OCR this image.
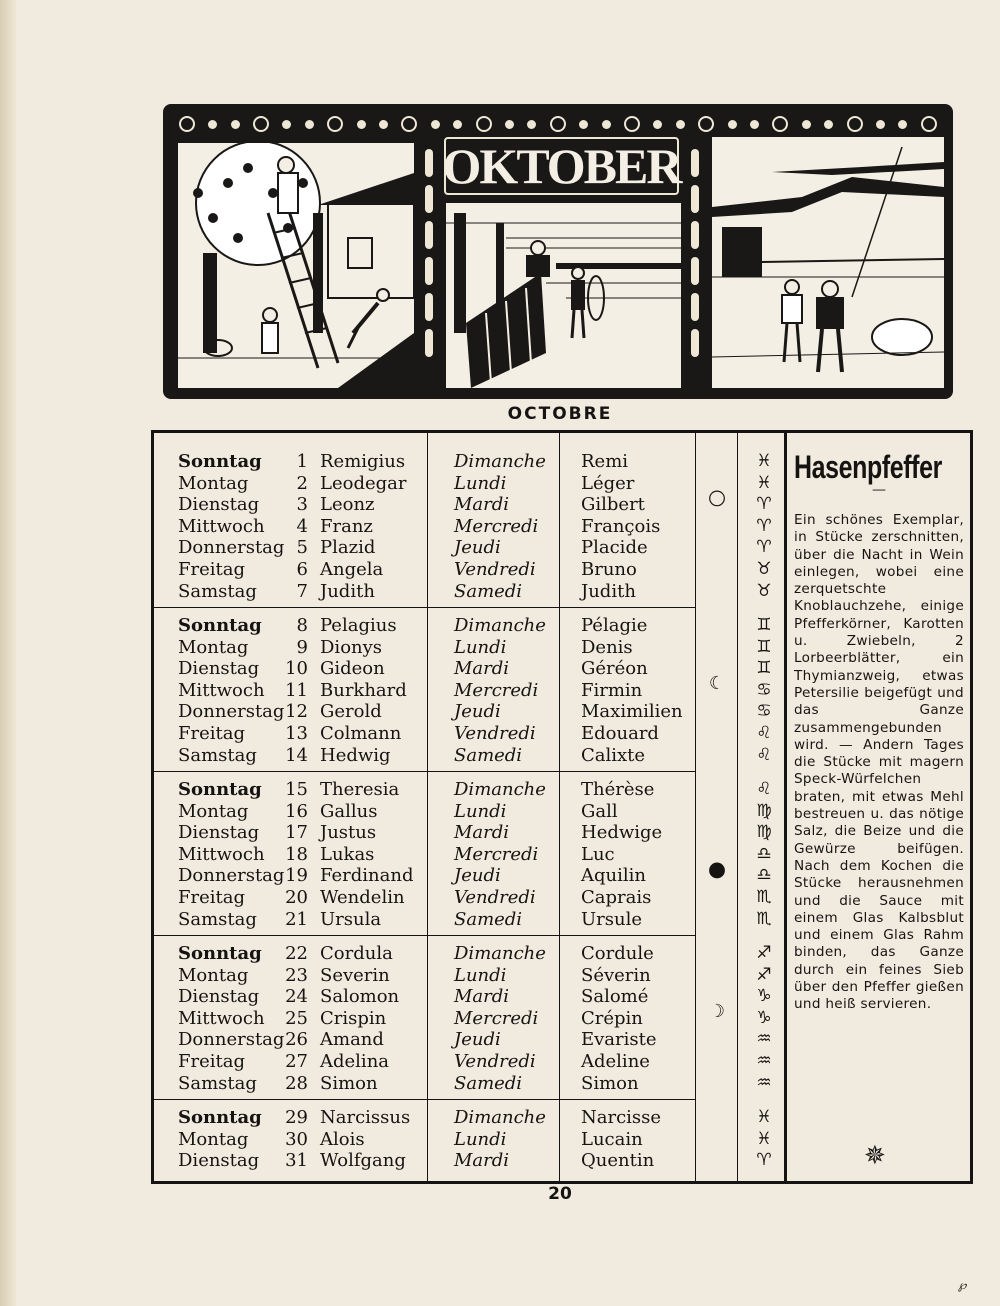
OKTOBER
OCTOBRE
Hasenpfeffer
—

Ein schönes Exemplar, in Stücke zerschnitten, über die Nacht in Wein einlegen, wobei eine zerquetschte Knoblauchzehe, einige Pfefferkörner, Karotten u. Zwiebeln, 2 Lorbeerblätter, ein Thymianzweig, etwas Petersilie beigefügt und das Ganze zusammengebunden wird. — Andern Tages die Stücke mit magern Speck-Würfelchen braten, mit etwas Mehl bestreuen u. das nötige Salz, die Beize und die Gewürze beifügen. Nach dem Kochen die Stücke herausnehmen und die Sauce mit einem Glas Kalbsblut und einem Glas Rahm binden, das Ganze durch ein feines Sieb über den Pfeffer gießen und heiß servieren.

✵
Sonntag	1 Remigius	Dimanche Remi	♓
Montag	2 Leodegar	Lundi	Léger	♓
Dienstag	3 Leonz	Mardi	Gilbert	♈
Mittwoch	4 Franz	Mercredi François	♈
Donnerstag 5 Plazid	Jeudi	Placide	♈
Freitag	6 Angela	Vendredi	Bruno	♉
Samstag	7 Judith	Samedi	Judith	♉
Sonntag	8 Pelagius	Dimanche Pélagie	♊
Montag	9 Dionys	Lundi	Denis	♊
Dienstag 10 Gideon	Mardi	Géréon	♊
Mittwoch 11 Burkhard	Mercredi Firmin	♋
Donnerstag 12 Gerold	Jeudi	Maximilien	♋
Freitag 13 Colmann	Vendredi	Edouard	♌
Samstag 14 Hedwig	Samedi	Calixte	♌
Sonntag 15 Theresia	Dimanche Thérèse	♌
Montag 16 Gallus	Lundi	Gall	♍
Dienstag 17 Justus	Mardi	Hedwige	♍
Mittwoch 18 Lukas	Mercredi Luc	♎
Donnerstag 19 Ferdinand Jeudi	Aquilin	♎
Freitag 20 Wendelin	Vendredi	Caprais	♏
Samstag 21 Ursula	Samedi	Ursule	♏
Sonntag 22 Cordula	Dimanche Cordule	♐
Montag 23 Severin	Lundi	Séverin	♐
Dienstag 24 Salomon	Mardi	Salomé	♑
Mittwoch 25 Crispin	Mercredi Crépin	♑
Donnerstag 26 Amand	Jeudi	Evariste	♒
Freitag 27 Adelina	Vendredi	Adeline	♒
Samstag 28 Simon	Samedi	Simon	♒
Sonntag 29 Narcissus Dimanche Narcisse	♓
Montag 30 Alois	Lundi	Lucain	♓
Dienstag 31 Wolfgang	Mardi	Quentin	♈
🌕
☾
🌑
☽
20
℘
